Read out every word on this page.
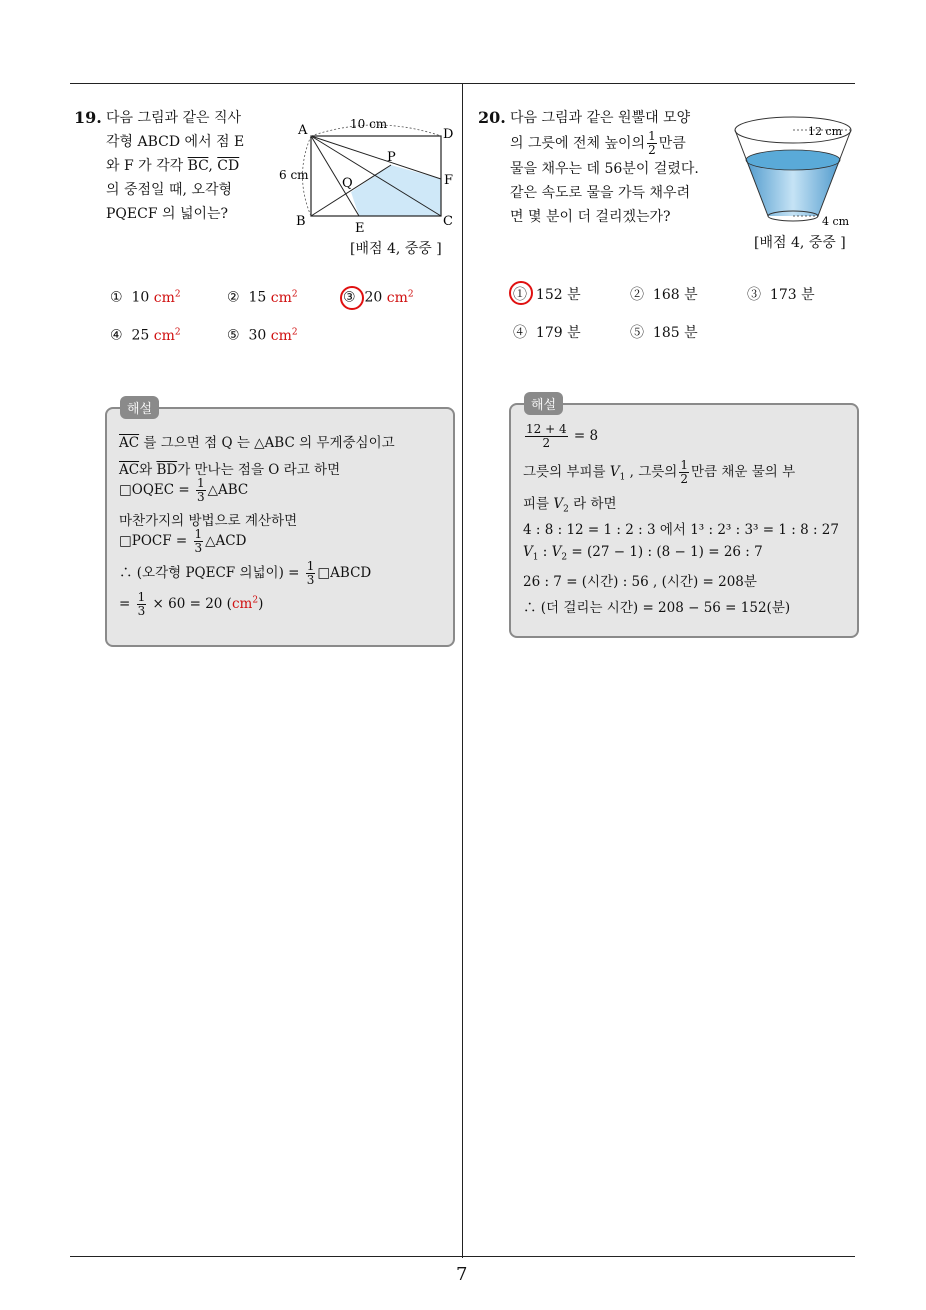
7
19. 다음 그림과 같은 직사
각형 ABCD 에서 점 E
와 F 가 각각 $\overline{BC}$, $\overline{CD}$
의 중점일 때, 오각형
PQECF 의 넓이는?
10 cm
6 cm
A	D
B	C
E
F
P
Q
[배점 4, 중중 ]
① 10 $cm^2$	② 15 $cm^2$	③ 20 $cm^2$
④ 25 $cm^2$	⑤ 30 $cm^2$
$\overline{AC}$ 를 그으면 점 Q 는 △ABC 의 무게중심이고
$\overline{AC}$와 $\overline{BD}$가 만나는 점을 O 라고 하면
□OQEC = $\frac{1}{3}$ △ABC
마찬가지의 방법으로 계산하면
□POCF = $\frac{1}{3}$ △ACD
∴ (오각형 PQECF 의넓이) = $\frac{1}{3}$ □ABCD
= $\frac{1}{3} \times 60 = 20$ $(cm^2)$
해설
20. 다음 그림과 같은 원뿔대 모양
의 그릇에 전체 높이의 $\frac{1}{2}$ 만큼
물을 채우는 데 56분이 걸렸다.
같은 속도로 물을 가득 채우려
면 몇 분이 더 걸리겠는가?
12 cm
4 cm
[배점 4, 중중 ]
① 152 분	② 168 분	③ 173 분
④ 179 분	⑤ 185 분
$\frac{12 + 4}{2} = 8$
그릇의 부피를 $V_1$ , 그릇의 $\frac{1}{2}$ 만큼 채운 물의 부
피를 $V_2$ 라 하면
4 : 8 : 12 = 1 : 2 : 3 에서 1³ : 2³ : 3³ = 1 : 8 : 27
$V_1$ : $V_2 = (27 - 1)$ : (8 − 1) = 26 : 7
26 : 7 = (시간) : 56 , (시간) = 208분
∴ (더 걸리는 시간) = 208 − 56 = 152(분)
해설
